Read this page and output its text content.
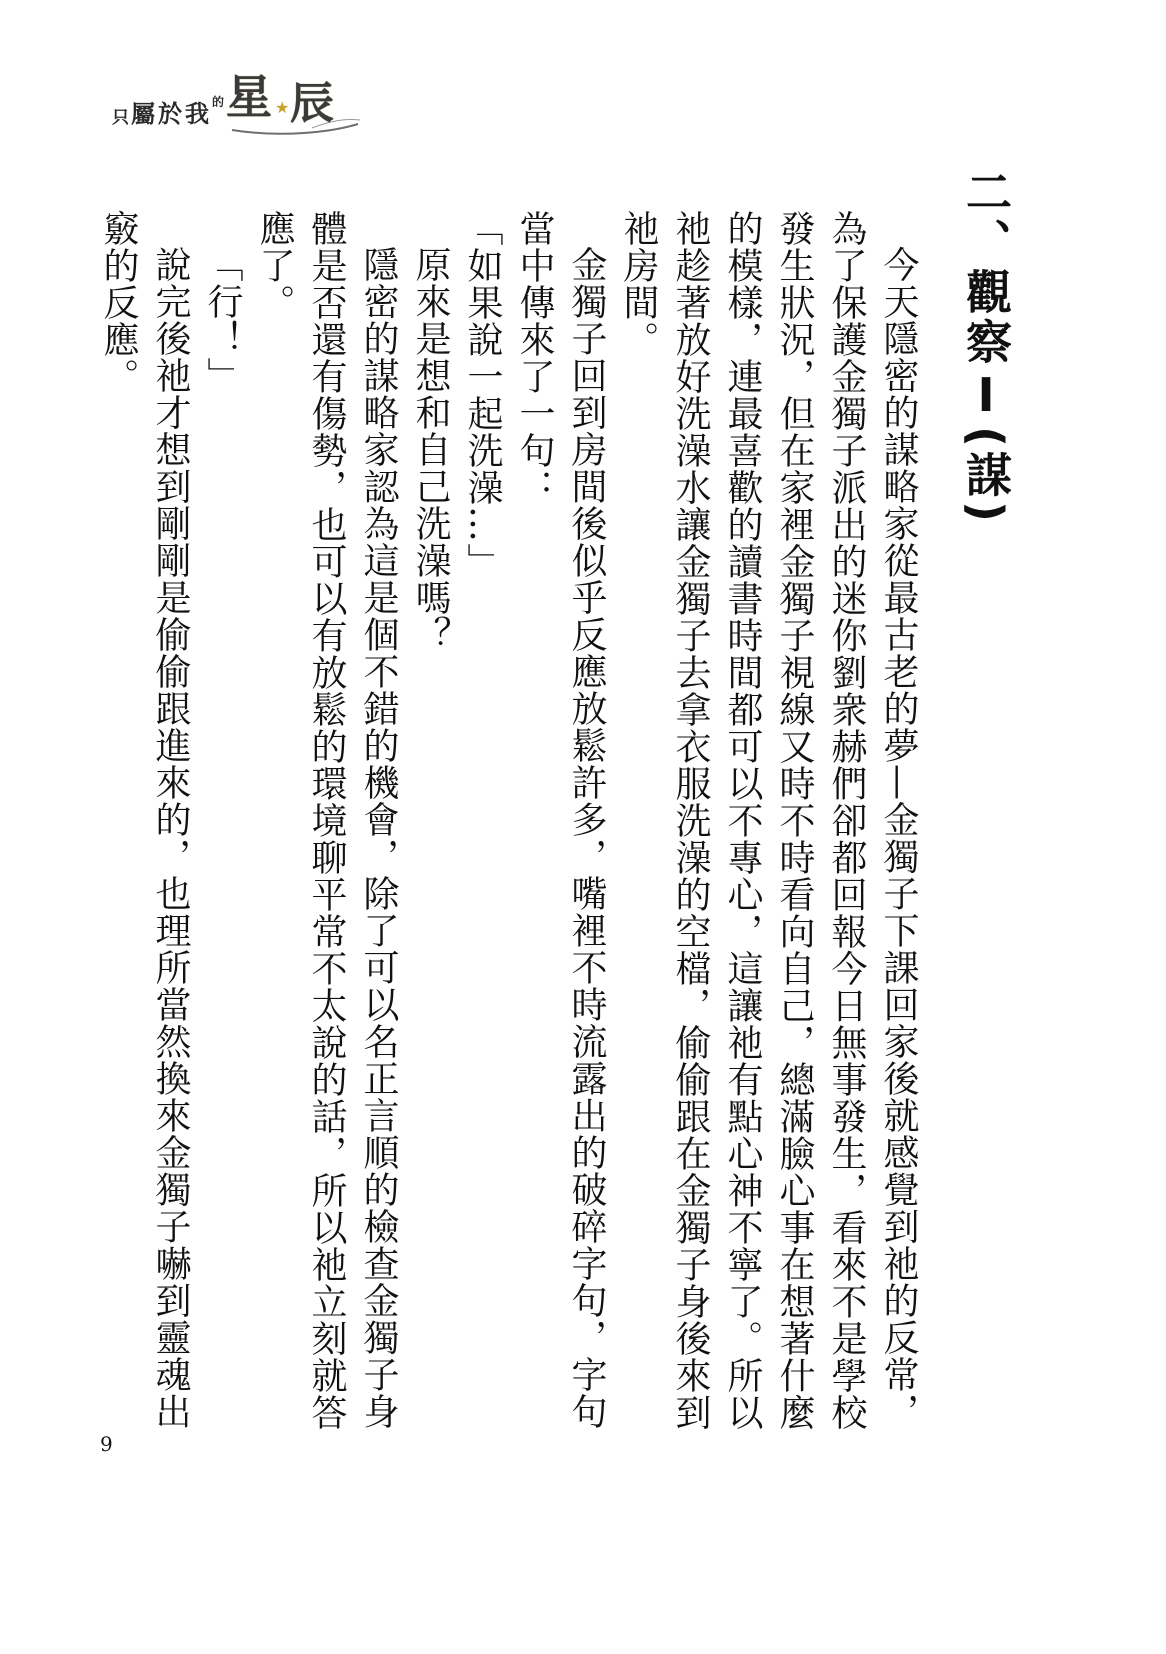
只 屬 於 我 的 星 ★ 辰
二、觀察Ⅰ(謀)

今天隱密的謀略家從最古老的夢—金獨子下課回家後就感覺到祂的反常，為了保護金獨子派出的迷你劉衆赫們卻都回報今日無事發生，看來不是學校發生狀況，但在家裡金獨子視線又時不時看向自己，總滿臉心事在想著什麼的模樣，連最喜歡的讀書時間都可以不專心，這讓祂有點心神不寧了。所以祂趁著放好洗澡水讓金獨子去拿衣服洗澡的空檔，偷偷跟在金獨子身後來到祂房間。

金獨子回到房間後似乎反應放鬆許多，嘴裡不時流露出的破碎字句，字句當中傳來了一句：

「如果說一起洗澡…」

原來是想和自己洗澡嗎？

隱密的謀略家認為這是個不錯的機會，除了可以名正言順的檢查金獨子身體是否還有傷勢，也可以有放鬆的環境聊平常不太說的話，所以祂立刻就答應了。

「行！」

說完後祂才想到剛剛是偷偷跟進來的，也理所當然換來金獨子嚇到靈魂出竅的反應。

9
